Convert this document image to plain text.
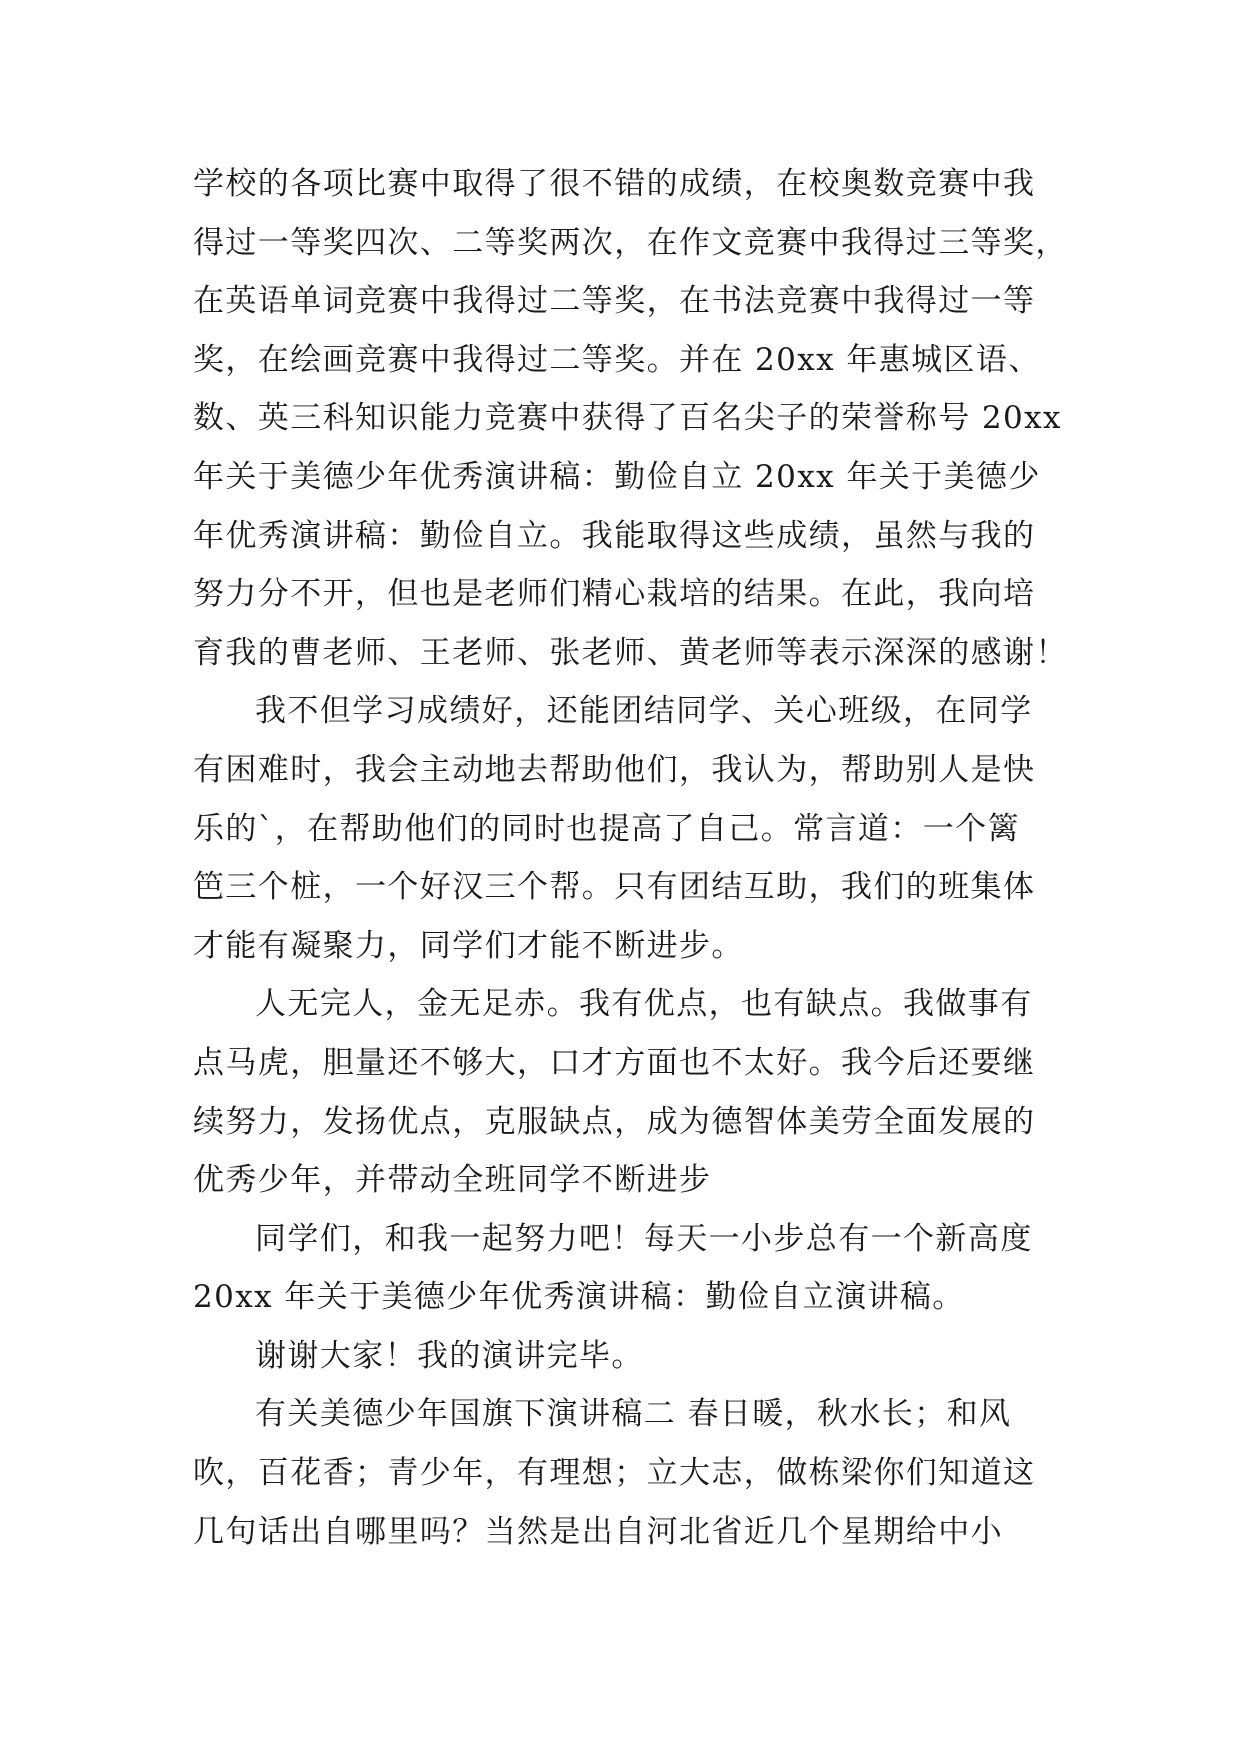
学校的各项比赛中取得了很不错的成绩，在校奥数竞赛中我
得过一等奖四次、二等奖两次，在作文竞赛中我得过三等奖，
在英语单词竞赛中我得过二等奖，在书法竞赛中我得过一等
奖，在绘画竞赛中我得过二等奖。并在 20xx 年惠城区语、
数、英三科知识能力竞赛中获得了百名尖子的荣誉称号 20xx
年关于美德少年优秀演讲稿：勤俭自立 20xx 年关于美德少
年优秀演讲稿：勤俭自立。我能取得这些成绩，虽然与我的
努力分不开，但也是老师们精心栽培的结果。在此，我向培
育我的曹老师、王老师、张老师、黄老师等表示深深的感谢！
我不但学习成绩好，还能团结同学、关心班级，在同学
有困难时，我会主动地去帮助他们，我认为，帮助别人是快
乐的`，在帮助他们的同时也提高了自己。常言道：一个篱
笆三个桩，一个好汉三个帮。只有团结互助，我们的班集体
才能有凝聚力，同学们才能不断进步。
人无完人，金无足赤。我有优点，也有缺点。我做事有
点马虎，胆量还不够大，口才方面也不太好。我今后还要继
续努力，发扬优点，克服缺点，成为德智体美劳全面发展的
优秀少年，并带动全班同学不断进步
同学们，和我一起努力吧！每天一小步总有一个新高度
20xx 年关于美德少年优秀演讲稿：勤俭自立演讲稿。
谢谢大家！我的演讲完毕。
有关美德少年国旗下演讲稿二 春日暖，秋水长；和风
吹，百花香；青少年，有理想；立大志，做栋梁你们知道这
几句话出自哪里吗？当然是出自河北省近几个星期给中小
